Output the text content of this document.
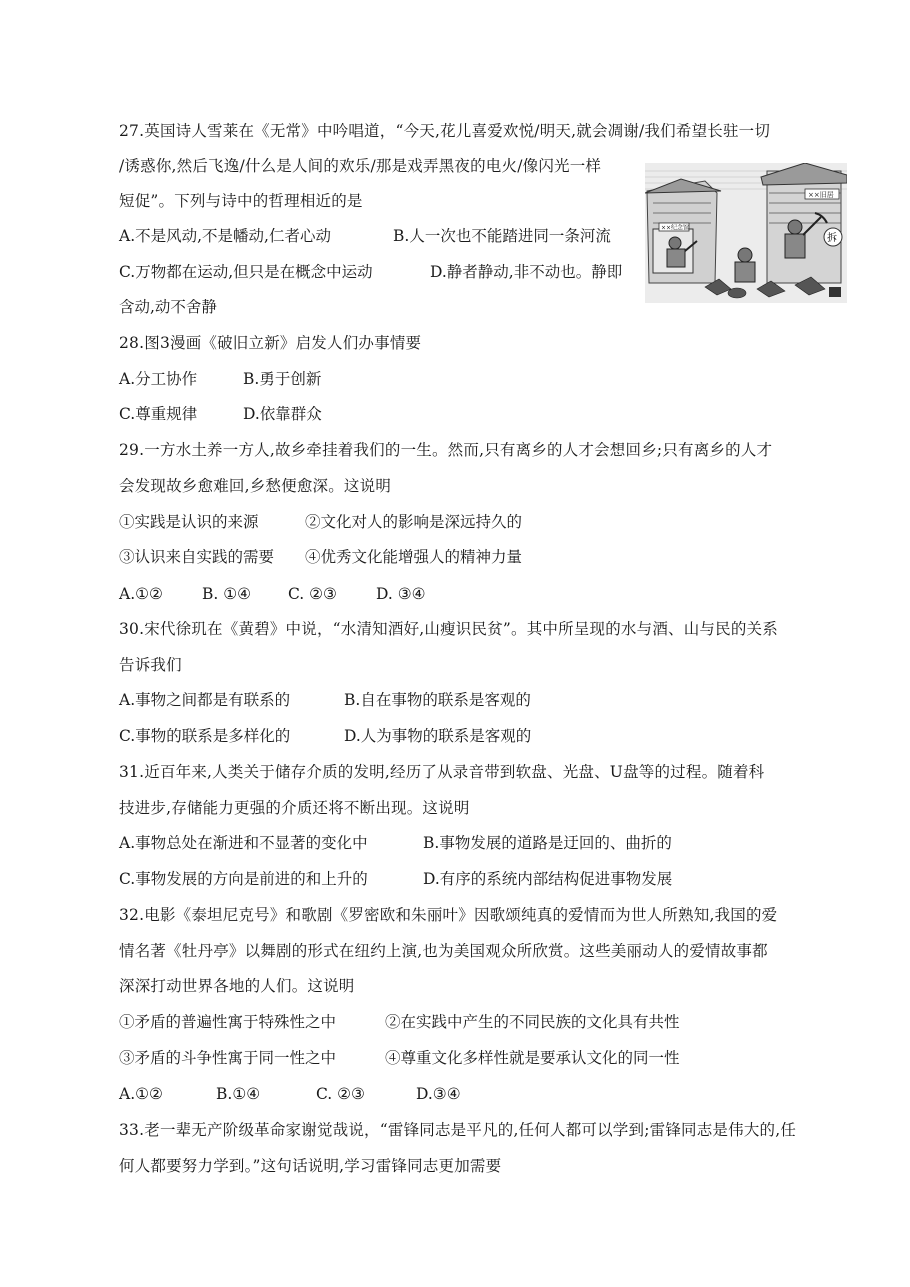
27.英国诗人雪莱在《无常》中吟唱道，“今天,花儿喜爱欢悦/明天,就会凋谢/我们希望长驻一切
/诱惑你,然后飞逸/什么是人间的欢乐/那是戏弄黑夜的电火/像闪光一样
短促”。下列与诗中的哲理相近的是
A.不是风动,不是幡动,仁者心动	B.人一次也不能踏进同一条河流
C.万物都在运动,但只是在概念中运动	D.静者静动,非不动也。静即
含动,动不舍静
××纪念馆
××旧居
拆
28.图3漫画《破旧立新》启发人们办事情要
A.分工协作	B.勇于创新
C.尊重规律	D.依靠群众
29.一方水土养一方人,故乡牵挂着我们的一生。然而,只有离乡的人才会想回乡;只有离乡的人才
会发现故乡愈难回,乡愁便愈深。这说明
①实践是认识的来源	②文化对人的影响是深远持久的
③认识来自实践的需要 ④优秀文化能增强人的精神力量
A.①②	B. ①④ C. ②③	D. ③④
30.宋代徐玑在《黄碧》中说，“水清知酒好,山瘦识民贫”。其中所呈现的水与酒、山与民的关系
告诉我们
A.事物之间都是有联系的	B.自在事物的联系是客观的
C.事物的联系是多样化的	D.人为事物的联系是客观的
31.近百年来,人类关于储存介质的发明,经历了从录音带到软盘、光盘、U盘等的过程。随着科
技进步,存储能力更强的介质还将不断出现。这说明
A.事物总处在渐进和不显著的变化中	B.事物发展的道路是迂回的、曲折的
C.事物发展的方向是前进的和上升的	D.有序的系统内部结构促进事物发展
32.电影《泰坦尼克号》和歌剧《罗密欧和朱丽叶》因歌颂纯真的爱情而为世人所熟知,我国的爱
情名著《牡丹亭》以舞剧的形式在纽约上演,也为美国观众所欣赏。这些美丽动人的爱情故事都
深深打动世界各地的人们。这说明
①矛盾的普遍性寓于特殊性之中	②在实践中产生的不同民族的文化具有共性
③矛盾的斗争性寓于同一性之中	④尊重文化多样性就是要承认文化的同一性
A.①②	B.①④	C. ②③	D.③④
33.老一辈无产阶级革命家谢觉哉说，“雷锋同志是平凡的,任何人都可以学到;雷锋同志是伟大的,任
何人都要努力学到。”这句话说明,学习雷锋同志更加需要
